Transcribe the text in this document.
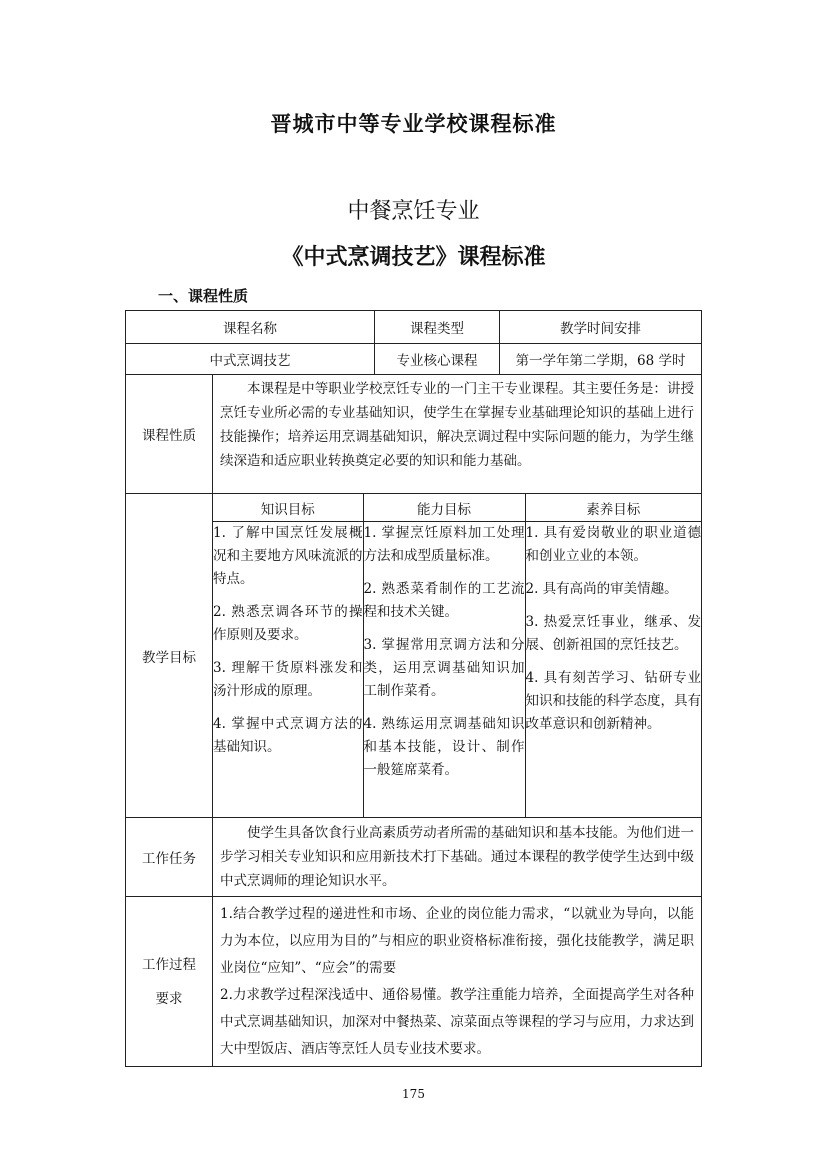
晋城市中等专业学校课程标准
中餐烹饪专业
《中式烹调技艺》课程标准
一、课程性质
课程名称	课程类型	教学时间安排
中式烹调技艺	专业核心课程	第一学年第二学期，68 学时
课程性质	
本课程是中等职业学校烹饪专业的一门主干专业课程。其主要任务是：讲授烹饪专业所必需的专业基础知识，使学生在掌握专业基础理论知识的基础上进行技能操作；培养运用烹调基础知识，解决烹调过程中实际问题的能力，为学生继续深造和适应职业转换奠定必要的知识和能力基础。

教学目标	
知识目标	能力目标	素养目标

1. 了解中国烹饪发展概况和主要地方风味流派的特点。
2. 熟悉烹调各环节的操作原则及要求。
3. 理解干货原料涨发和汤汁形成的原理。
4. 掌握中式烹调方法的基础知识。

1. 掌握烹饪原料加工处理方法和成型质量标准。
2. 熟悉菜肴制作的工艺流程和技术关键。
3. 掌握常用烹调方法和分类，运用烹调基础知识加工制作菜肴。
4. 熟练运用烹调基础知识和基本技能，设计、制作一般筵席菜肴。

1. 具有爱岗敬业的职业道德和创业立业的本领。
2. 具有高尚的审美情趣。
3. 热爱烹饪事业，继承、发展、创新祖国的烹饪技艺。
4. 具有刻苦学习、钻研专业知识和技能的科学态度，具有改革意识和创新精神。

工作任务	
使学生具备饮食行业高素质劳动者所需的基础知识和基本技能。为他们进一步学习相关专业知识和应用新技术打下基础。通过本课程的教学使学生达到中级中式烹调师的理论知识水平。

工作过程
要求

1.结合教学过程的递进性和市场、企业的岗位能力需求，“以就业为导向，以能力为本位，以应用为目的”与相应的职业资格标准衔接，强化技能教学，满足职业岗位“应知”、“应会”的需要
2.力求教学过程深浅适中、通俗易懂。教学注重能力培养，全面提高学生对各种中式烹调基础知识，加深对中餐热菜、凉菜面点等课程的学习与应用，力求达到大中型饭店、酒店等烹饪人员专业技术要求。
175
